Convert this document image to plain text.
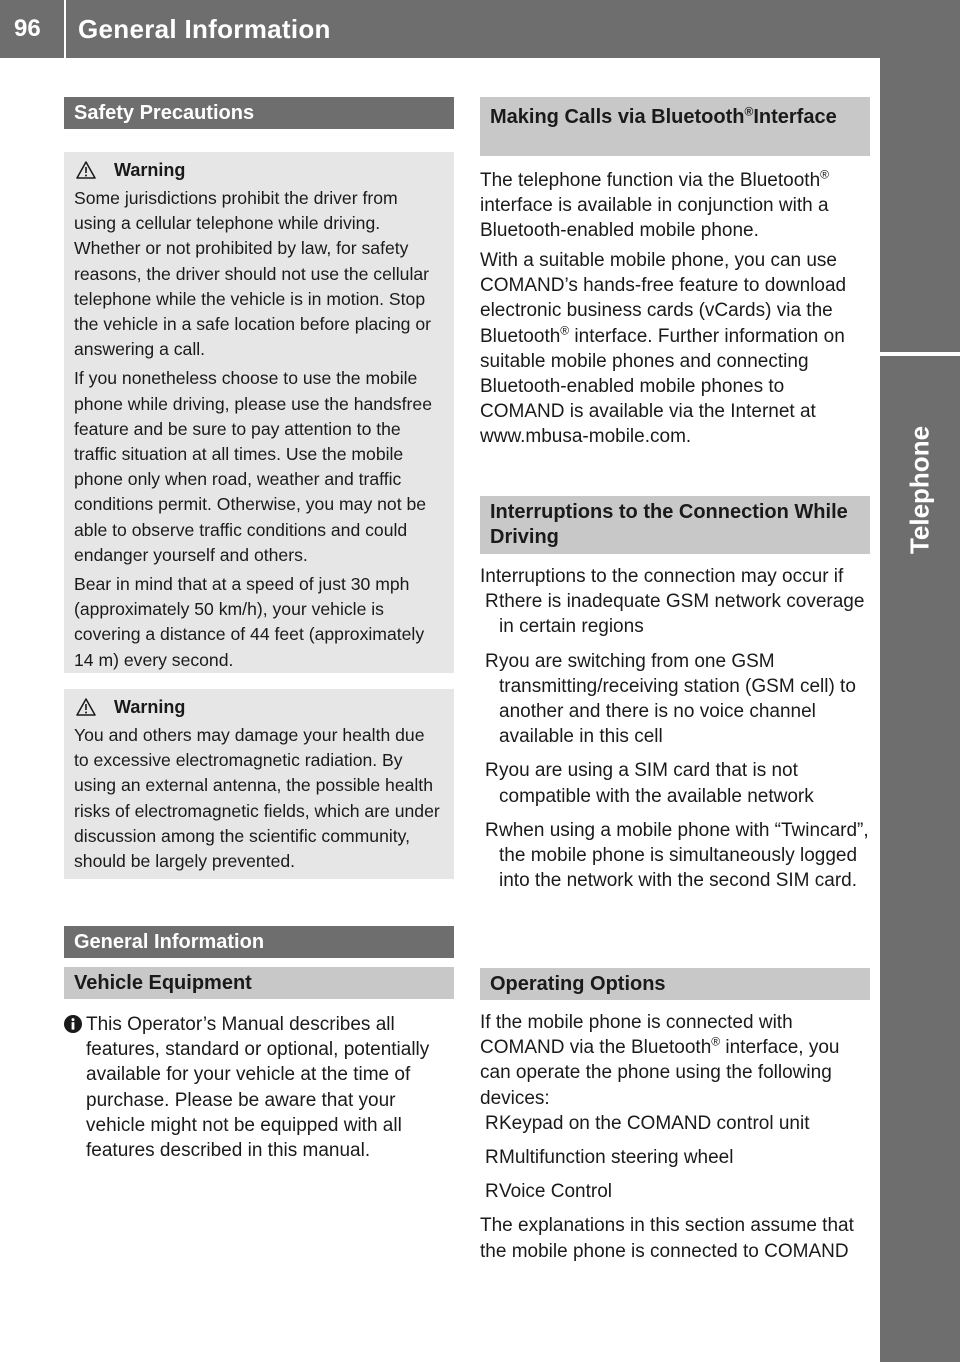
96	General Information
Telephone
Safety Precautions
Warning

Some jurisdictions prohibit the driver from using a cellular telephone while driving. Whether or not prohibited by law, for safety reasons, the driver should not use the cellular telephone while the vehicle is in motion. Stop the vehicle in a safe location before placing or answering a call.

If you nonetheless choose to use the mobile phone while driving, please use the handsfree feature and be sure to pay attention to the traffic situation at all times. Use the mobile phone only when road, weather and traffic conditions permit. Otherwise, you may not be able to observe traffic conditions and could endanger yourself and others.

Bear in mind that at a speed of just 30 mph (approximately 50 km/h), your vehicle is covering a distance of 44 feet (approximately 14 m) every second.

Warning

You and others may damage your health due to excessive electromagnetic radiation. By using an external antenna, the possible health risks of electromagnetic fields, which are under discussion among the scientific community, should be largely prevented.

General Information
Vehicle Equipment
This Operator’s Manual describes all features, standard or optional, potentially available for your vehicle at the time of purchase. Please be aware that your vehicle might not be equipped with all features described in this manual.
Making Calls via Bluetooth®Interface

The telephone function via the Bluetooth® interface is available in conjunction with a Bluetooth-enabled mobile phone.

With a suitable mobile phone, you can use COMAND’s hands-free feature to download electronic business cards (vCards) via the Bluetooth® interface. Further information on suitable mobile phones and connecting Bluetooth-enabled mobile phones to COMAND is available via the Internet at www.mbusa-mobile.com.

Interruptions to the Connection While Driving

Interruptions to the connection may occur if

R there is inadequate GSM network coverage in certain regions
R you are switching from one GSM transmitting/receiving station (GSM cell) to another and there is no voice channel available in this cell
R you are using a SIM card that is not compatible with the available network
R when using a mobile phone with “Twincard”, the mobile phone is simultaneously logged into the network with the second SIM card.
Operating Options

If the mobile phone is connected with COMAND via the Bluetooth® interface, you can operate the phone using the following devices:

R Keypad on the COMAND control unit
R Multifunction steering wheel
R Voice Control

The explanations in this section assume that the mobile phone is connected to COMAND
